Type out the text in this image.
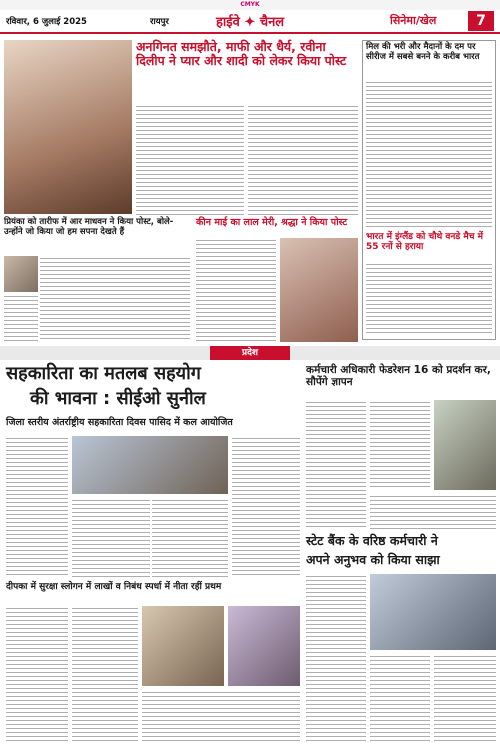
CMYK
रविवार, 6 जुलाई 2025	रायपुर	हाईवे ✦ चैनल	सिनेमा/खेल	7
अनगिनत समझौते, माफी और धैर्य, रवीना दिलीप ने प्यार और शादी को लेकर किया पोस्ट
मिल की भरी और मैदानों के दम पर सीरीज में सबसे बनने के करीब भारत
भारत में इंग्लैंड को चौथे वनडे मैच में 55 रनों से हराया
प्रियंका को तारीफ में आर माधवन ने किया पोस्ट, बोले- उन्होंने जो किया जो हम सपना देखते हैं
कीन माई का लाल मेरी, श्रद्धा ने किया पोस्ट
प्रदेश
सहकारिता का मतलब सहयोग
की भावना : सीईओ सुनील
जिला स्तरीय अंतर्राष्ट्रीय सहकारिता दिवस पासिद में कल आयोजित
कर्मचारी अधिकारी फेडरेशन 16 को प्रदर्शन कर, सौपेंगे ज्ञापन
दीपका में सुरक्षा स्लोगन में लाखों व निबंध स्पर्धा में नीता रहीं प्रथम
स्टेट बैंक के वरिष्ठ कर्मचारी ने
अपने अनुभव को किया साझा
